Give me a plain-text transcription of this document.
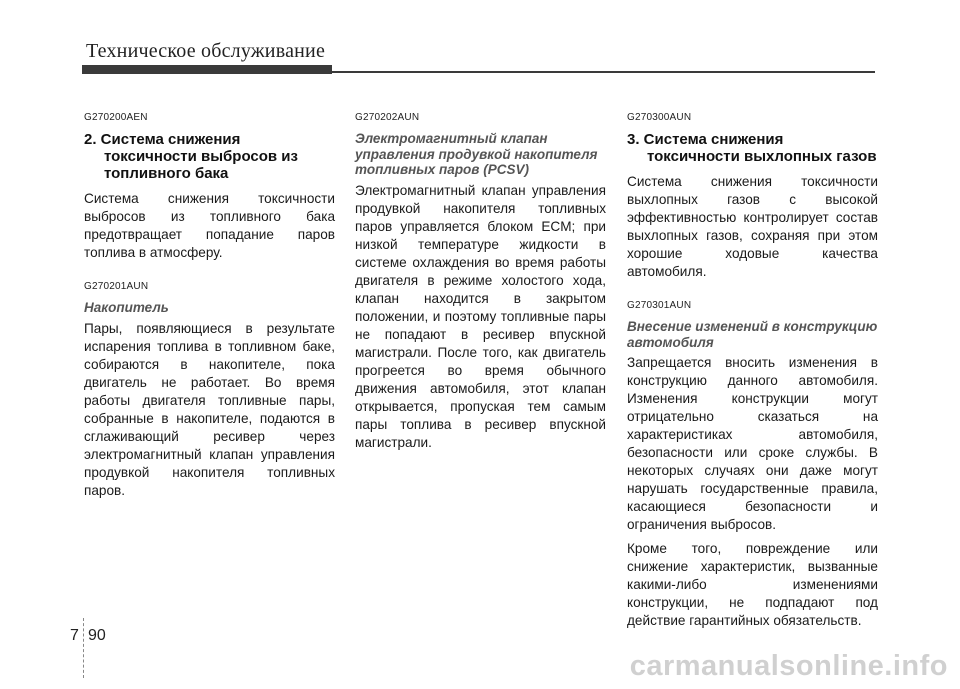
Техническое обслуживание

G270200AEN

2. Система снижения токсичности выбросов из топливного бака

Система снижения токсичности выбросов из топливного бака предотвращает попадание паров топлива в атмосферу.

G270201AUN

Накопитель

Пары, появляющиеся в результате испарения топлива в топливном баке, собираются в накопителе, пока двигатель не работает. Во время работы двигателя топливные пары, собранные в накопителе, подаются в сглаживающий ресивер через электромагнитный клапан управления продувкой накопителя топливных паров.

G270202AUN

Электромагнитный клапан управления продувкой накопителя топливных паров (PCSV)

Электромагнитный клапан управления продувкой накопителя топливных паров управляется блоком ECM; при низкой температуре жидкости в системе охлаждения во время работы двигателя в режиме холостого хода, клапан находится в закрытом положении, и поэтому топливные пары не попадают в ресивер впускной магистрали. После того, как двигатель прогреется во время обычного движения автомобиля, этот клапан открывается, пропуская тем самым пары топлива в ресивер впускной магистрали.

G270300AUN

3. Система снижения токсичности выхлопных газов

Система снижения токсичности выхлопных газов с высокой эффективностью контролирует состав выхлопных газов, сохраняя при этом хорошие ходовые качества автомобиля.

G270301AUN

Внесение изменений в конструкцию автомобиля

Запрещается вносить изменения в конструкцию данного автомобиля. Изменения конструкции могут отрицательно сказаться на характеристиках автомобиля, безопасности или сроке службы. В некоторых случаях они даже могут нарушать государственные правила, касающиеся безопасности и ограничения выбросов.

Кроме того, повреждение или снижение характеристик, вызванные какими-либо изменениями конструкции, не подпадают под действие гарантийных обязательств.

7 90
carmanualsonline.info
